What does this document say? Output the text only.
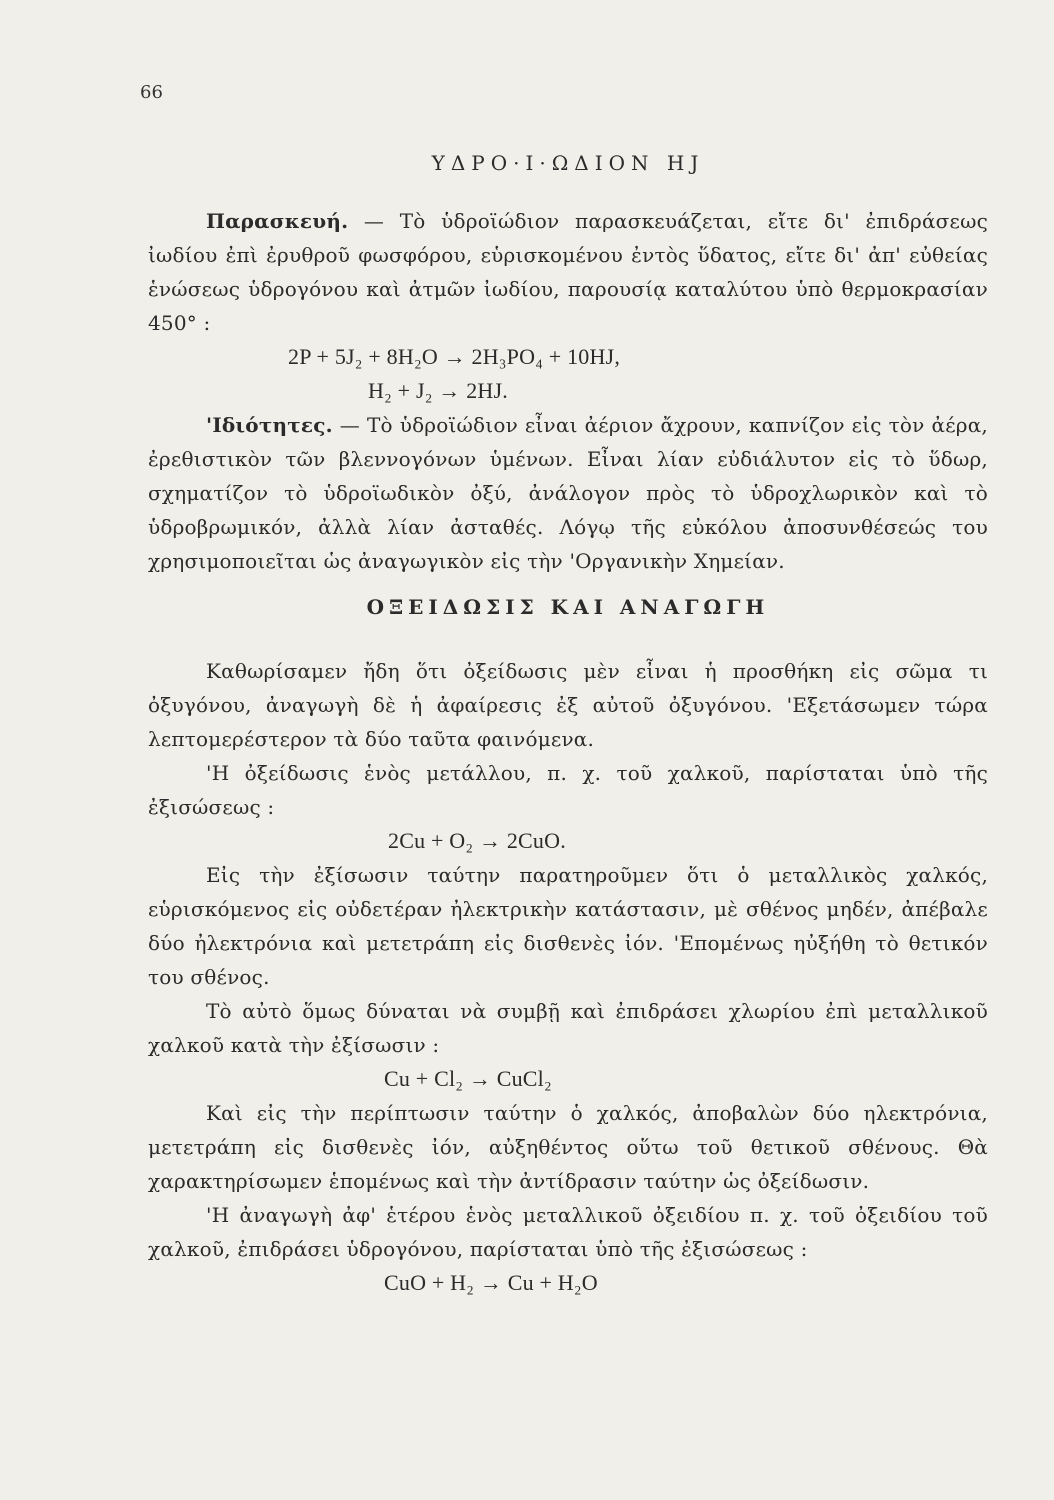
66
ΥΔΡΟ·Ι·ΩΔΙΟΝ HJ

Παρασκευή. — Τὸ ὑδροϊώδιον παρασκευάζεται, εἴτε δι' ἐπιδράσεως ἰωδίου ἐπὶ ἐρυθροῦ φωσφόρου, εὑρισκομένου ἐντὸς ὕδατος, εἴτε δι' ἀπ' εὐθείας ἑνώσεως ὑδρογόνου καὶ ἀτμῶν ἰωδίου, παρουσίᾳ καταλύτου ὑπὸ θερμοκρασίαν 450° :

2P + 5J₂ + 8H₂O → 2H₃PO₄ + 10HJ,
H₂ + J₂ → 2HJ.

'Ιδιότητες. — Τὸ ὑδροϊώδιον εἶναι ἀέριον ἄχρουν, καπνίζον εἰς τὸν ἀέρα, ἐρεθιστικὸν τῶν βλεννογόνων ὑμένων. Εἶναι λίαν εὐδιάλυτον εἰς τὸ ὕδωρ, σχηματίζον τὸ ὑδροϊωδικὸν ὀξύ, ἀνάλογον πρὸς τὸ ὑδροχλωρικὸν καὶ τὸ ὑδροβρωμικόν, ἀλλὰ λίαν ἀσταθές. Λόγῳ τῆς εὐκόλου ἀποσυνθέσεώς του χρησιμοποιεῖται ὡς ἀναγωγικὸν εἰς τὴν 'Οργανικὴν Χημείαν.

ΟΞΕΙΔΩΣΙΣ ΚΑΙ ΑΝΑΓΩΓΗ

Καθωρίσαμεν ἤδη ὅτι ὀξείδωσις μὲν εἶναι ἡ προσθήκη εἰς σῶμα τι ὀξυγόνου, ἀναγωγὴ δὲ ἡ ἀφαίρεσις ἐξ αὐτοῦ ὀξυγόνου. 'Εξετάσωμεν τώρα λεπτομερέστερον τὰ δύο ταῦτα φαινόμενα.

'Η ὀξείδωσις ἑνὸς μετάλλου, π. χ. τοῦ χαλκοῦ, παρίσταται ὑπὸ τῆς ἐξισώσεως :

2Cu + O₂ → 2CuO.

Εἰς τὴν ἐξίσωσιν ταύτην παρατηροῦμεν ὅτι ὁ μεταλλικὸς χαλκός, εὑρισκόμενος εἰς οὐδετέραν ἠλεκτρικὴν κατάστασιν, μὲ σθένος μηδέν, ἀπέβαλε δύο ἠλεκτρόνια καὶ μετετράπη εἰς δισθενὲς ἰόν. 'Επομένως ηὐξήθη τὸ θετικόν του σθένος.

Τὸ αὐτὸ ὅμως δύναται νὰ συμβῇ καὶ ἐπιδράσει χλωρίου ἐπὶ μεταλλικοῦ χαλκοῦ κατὰ τὴν ἐξίσωσιν :

Cu + Cl₂ → CuCl₂

Καὶ εἰς τὴν περίπτωσιν ταύτην ὁ χαλκός, ἀποβαλὼν δύο ηλεκτρόνια, μετετράπη εἰς δισθενὲς ἰόν, αὐξηθέντος οὕτω τοῦ θετικοῦ σθένους. Θὰ χαρακτηρίσωμεν ἑπομένως καὶ τὴν ἀντίδρασιν ταύτην ὡς ὀξείδωσιν.

'Η ἀναγωγὴ ἀφ' ἑτέρου ἑνὸς μεταλλικοῦ ὀξειδίου π. χ. τοῦ ὀξειδίου τοῦ χαλκοῦ, ἐπιδράσει ὑδρογόνου, παρίσταται ὑπὸ τῆς ἐξισώσεως :

CuO + H₂ → Cu + H₂O
